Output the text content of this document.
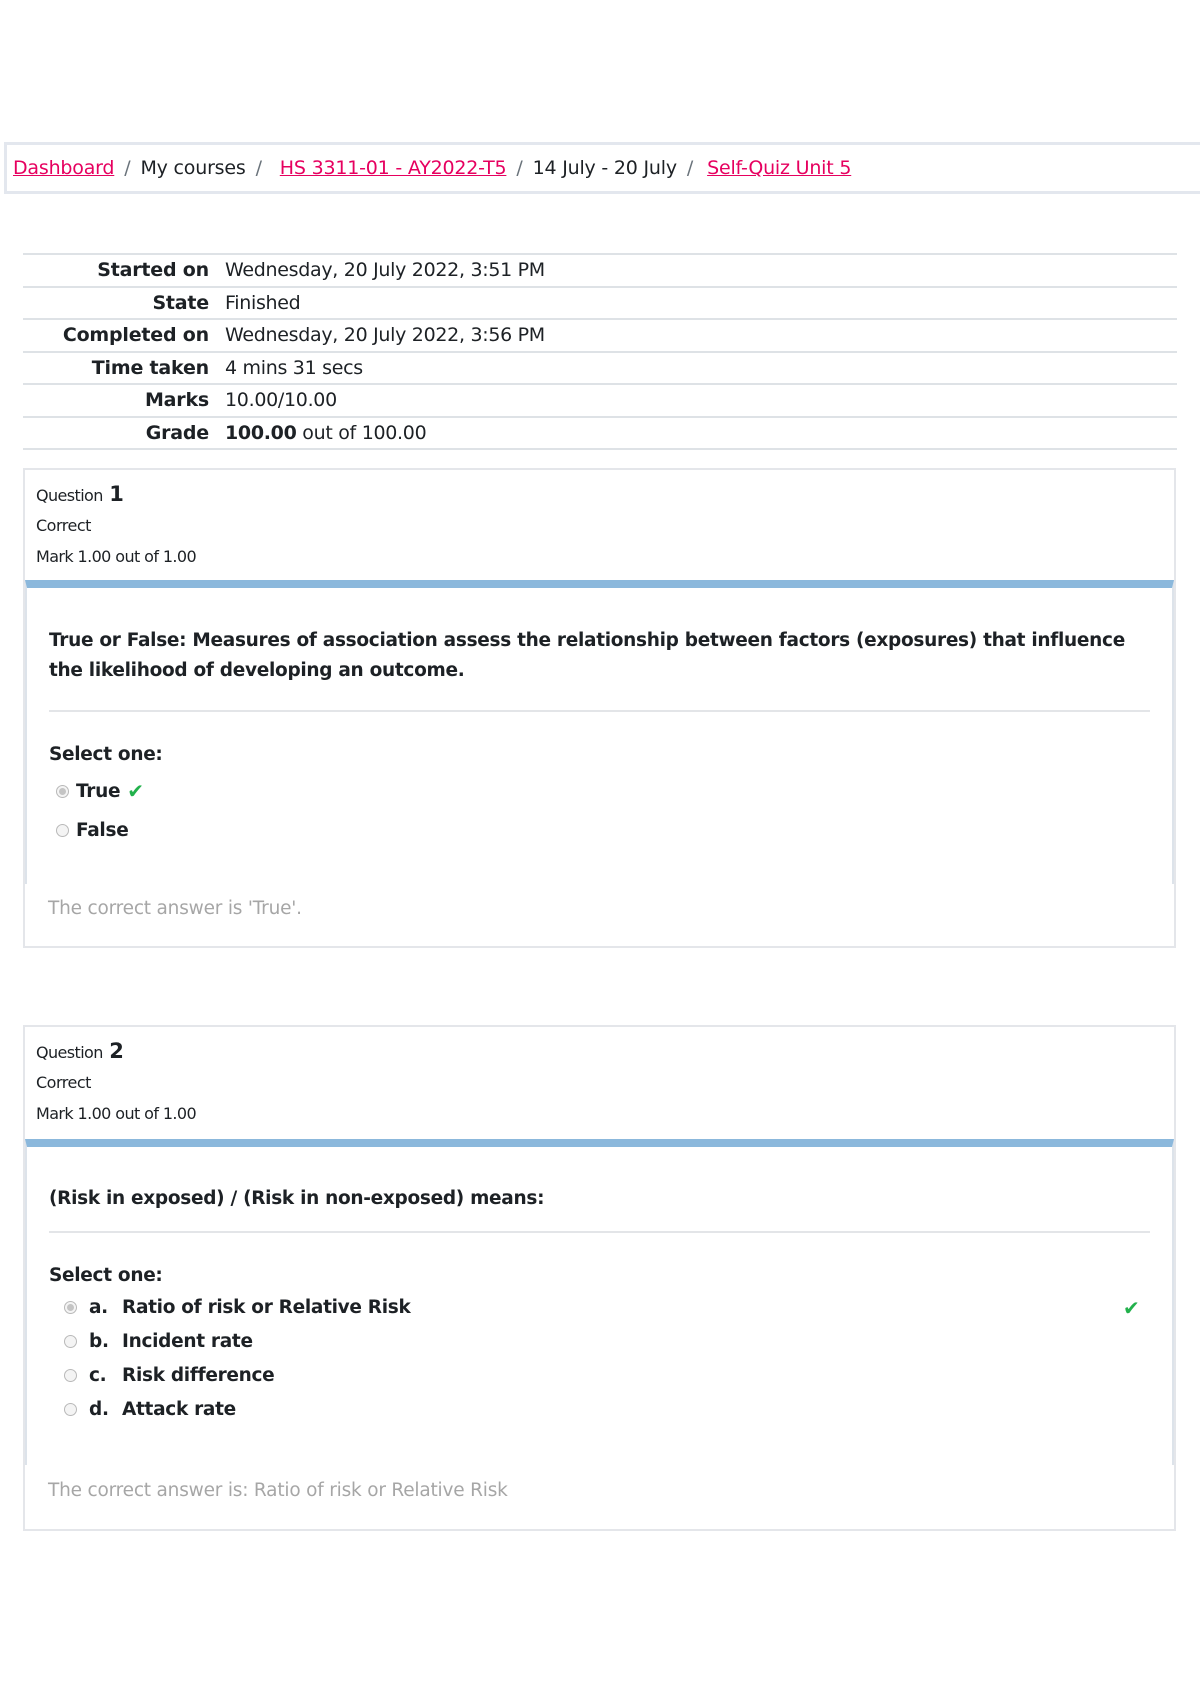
Dashboard / My courses / HS 3311-01 - AY2022-T5 / 14 July - 20 July / Self-Quiz Unit 5
Started on	Wednesday, 20 July 2022, 3:51 PM
State	Finished
Completed on	Wednesday, 20 July 2022, 3:56 PM
Time taken	4 mins 31 secs
Marks	10.00/10.00
Grade	100.00 out of 100.00
Question 1
Correct
Mark 1.00 out of 1.00
True or False: Measures of association assess the relationship between factors (exposures) that influence the likelihood of developing an outcome.
Select one:
True ✔
False
The correct answer is 'True'.
Question 2
Correct
Mark 1.00 out of 1.00
(Risk in exposed) / (Risk in non-exposed) means:
Select one:
a. Ratio of risk or Relative Risk	✔
b. Incident rate
c. Risk difference
d. Attack rate
The correct answer is: Ratio of risk or Relative Risk
